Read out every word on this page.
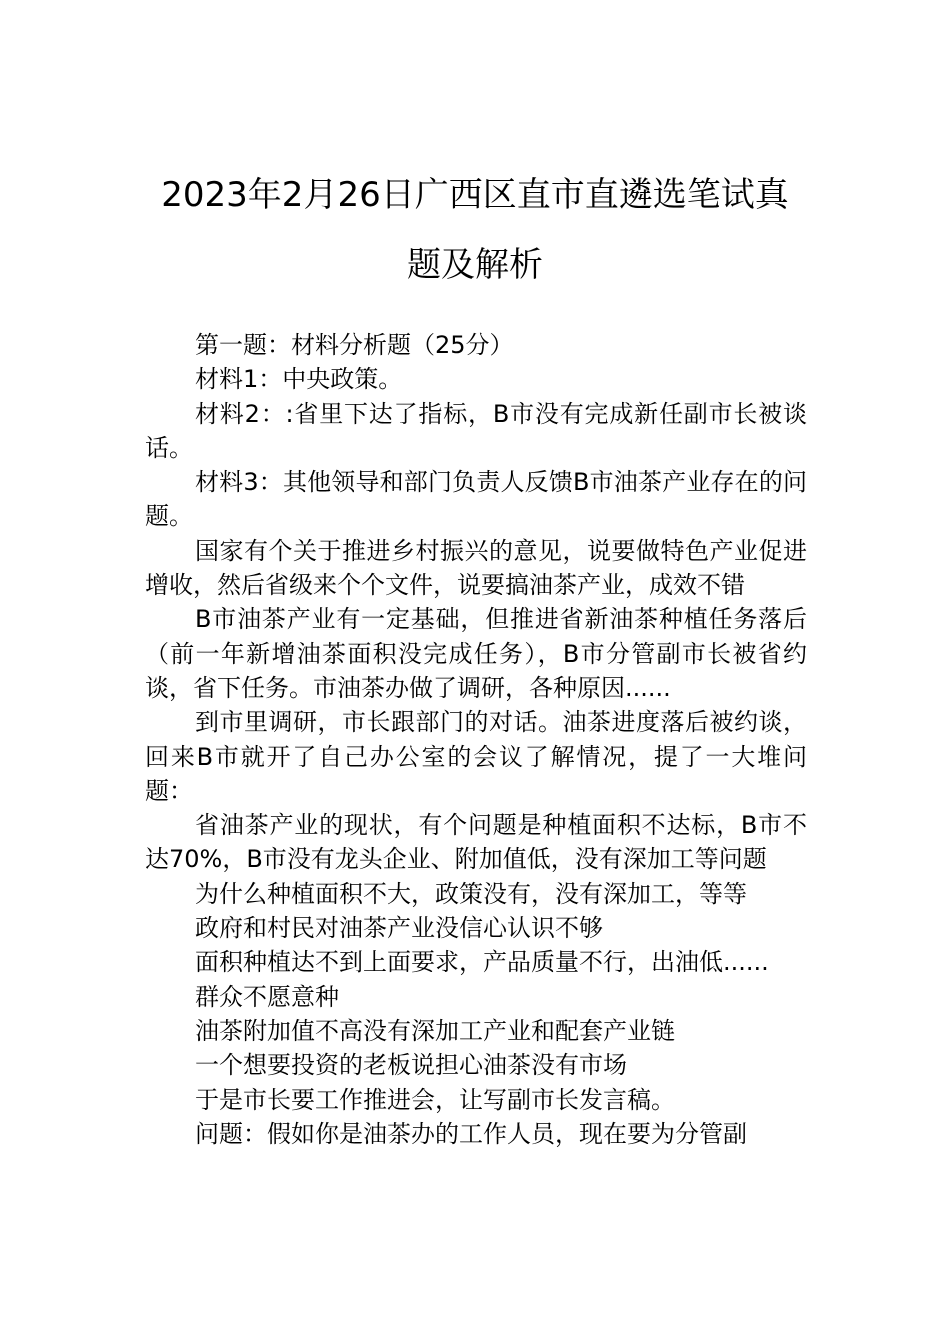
2023年2月26日广西区直市直遴选笔试真
题及解析

第一题：材料分析题（25分）

材料1：中央政策。

材料2：:省里下达了指标，B市没有完成新任副市长被谈话。

材料3：其他领导和部门负责人反馈B市油茶产业存在的问题。

国家有个关于推进乡村振兴的意见，说要做特色产业促进增收，然后省级来个个文件，说要搞油茶产业，成效不错

B市油茶产业有一定基础，但推进省新油茶种植任务落后（前一年新增油茶面积没完成任务），B市分管副市长被省约谈，省下任务。市油茶办做了调研，各种原因......

到市里调研，市长跟部门的对话。油茶进度落后被约谈，回来B市就开了自己办公室的会议了解情况，提了一大堆问题：

省油茶产业的现状，有个问题是种植面积不达标，B市不达70%，B市没有龙头企业、附加值低，没有深加工等问题

为什么种植面积不大，政策没有，没有深加工，等等

政府和村民对油茶产业没信心认识不够

面积种植达不到上面要求，产品质量不行，出油低......

群众不愿意种

油茶附加值不高没有深加工产业和配套产业链

一个想要投资的老板说担心油茶没有市场

于是市长要工作推进会，让写副市长发言稿。

问题：假如你是油茶办的工作人员，现在要为分管副
